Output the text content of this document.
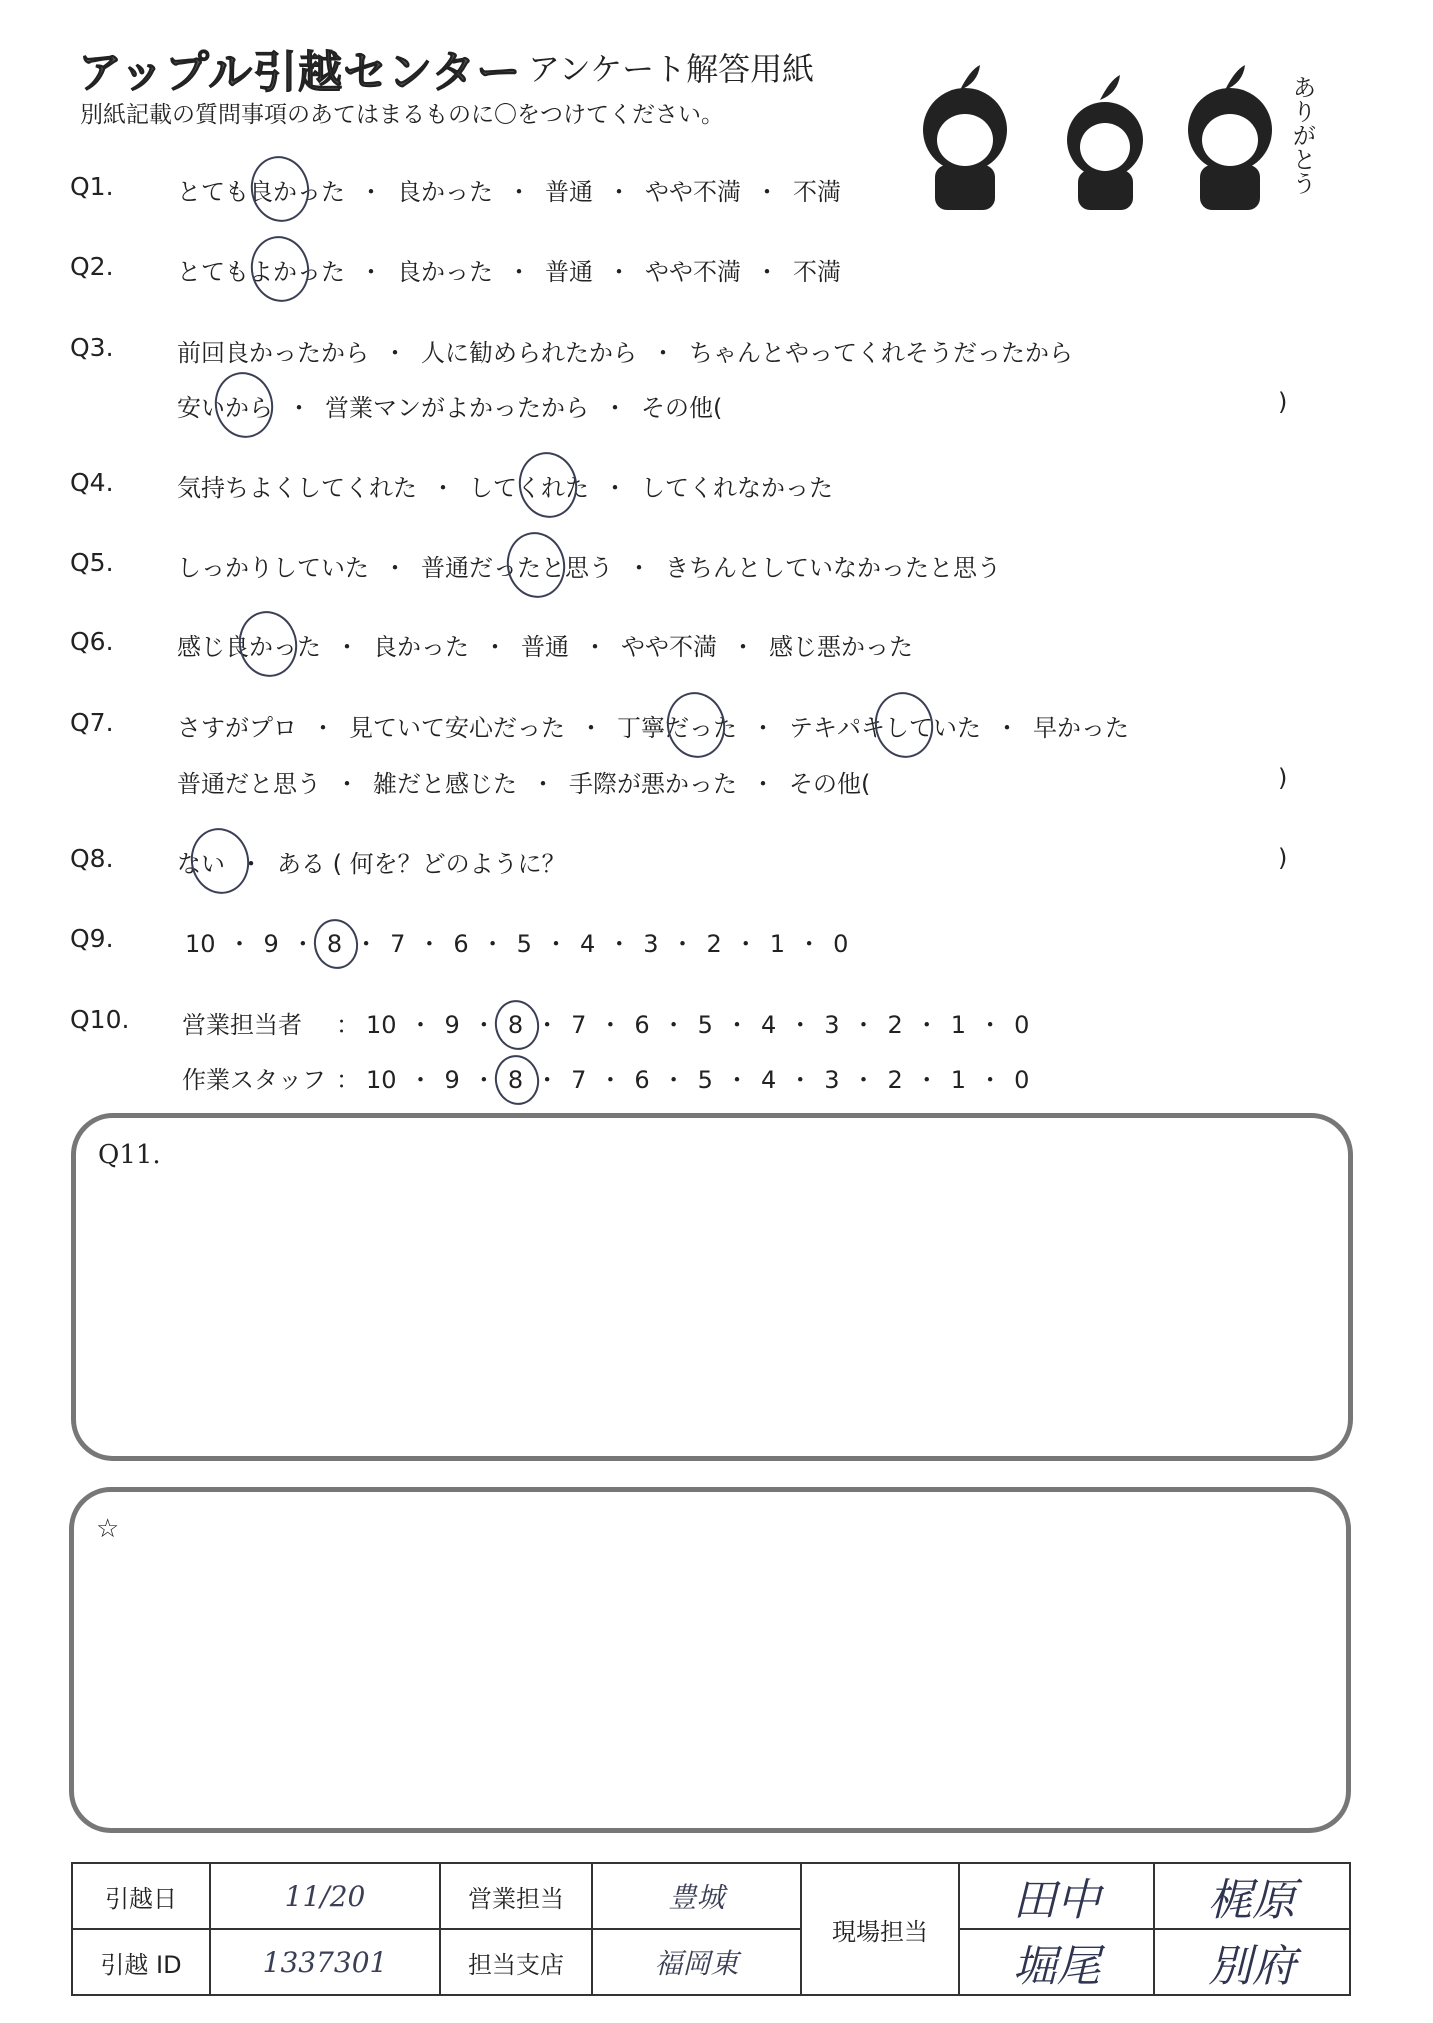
アップル引越センター アンケート解答用紙
別紙記載の質問事項のあてはまるものに〇をつけてください。	ありがとう
Q1.	とても良かった ・ 良かった ・ 普通 ・ やや不満 ・ 不満
Q2.	とてもよかった ・ 良かった ・ 普通 ・ やや不満 ・ 不満
Q3.	前回良かったから ・ 人に勧められたから ・ ちゃんとやってくれそうだったから
安いから ・ 営業マンがよかったから ・ その他(	)
Q4.	気持ちよくしてくれた ・ してくれた ・ してくれなかった
Q5.	しっかりしていた ・ 普通だったと思う ・ きちんとしていなかったと思う
Q6.	感じ良かった ・ 良かった ・ 普通 ・ やや不満 ・ 感じ悪かった
Q7.	さすがプロ ・ 見ていて安心だった ・ 丁寧だった ・ テキパキしていた ・ 早かった
普通だと思う ・ 雑だと感じた ・ 手際が悪かった ・ その他(	)
Q8.	ない ・ ある ( 何を？どのように？	)
Q9.	10 ・ 9 ・ 8 ・ 7 ・ 6 ・ 5 ・ 4 ・ 3 ・ 2 ・ 1 ・ 0
Q10. 営業担当者 ： 10 ・ 9 ・ 8 ・ 7 ・ 6 ・ 5 ・ 4 ・ 3 ・ 2 ・ 1 ・ 0
作業スタッフ ： 10 ・ 9 ・ 8 ・ 7 ・ 6 ・ 5 ・ 4 ・ 3 ・ 2 ・ 1 ・ 0
Q11.
☆
引越日	11/20	営業担当	豊城	現場担当	田中	梶原
引越 ID	1337301	担当支店	福岡東		堀尾	別府
